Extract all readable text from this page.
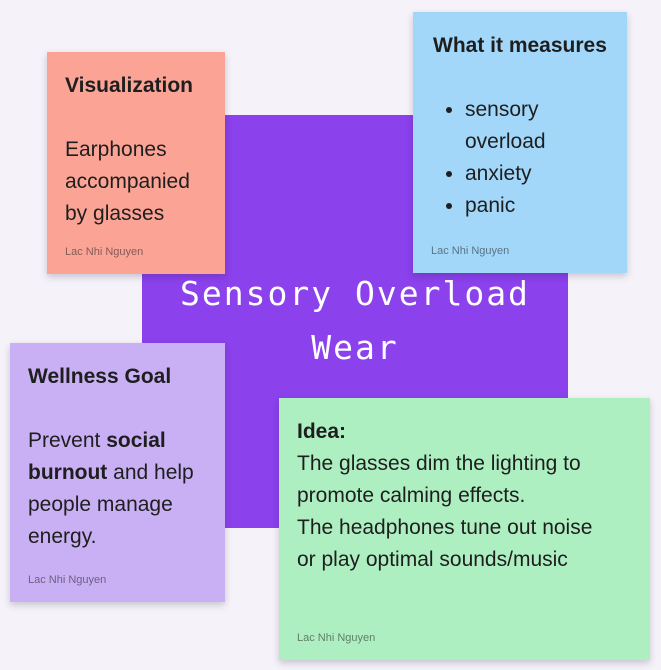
Sensory Overload Wear
Visualization

Earphones
accompanied
by glasses

Lac Nhi Nguyen
What it measures
• sensory overload
• anxiety
• panic
Lac Nhi Nguyen
Wellness Goal

Prevent social burnout and help people manage energy.

Lac Nhi Nguyen
Idea:

The glasses dim the lighting to
promote calming effects.

The headphones tune out noise
or play optimal sounds/music

Lac Nhi Nguyen
